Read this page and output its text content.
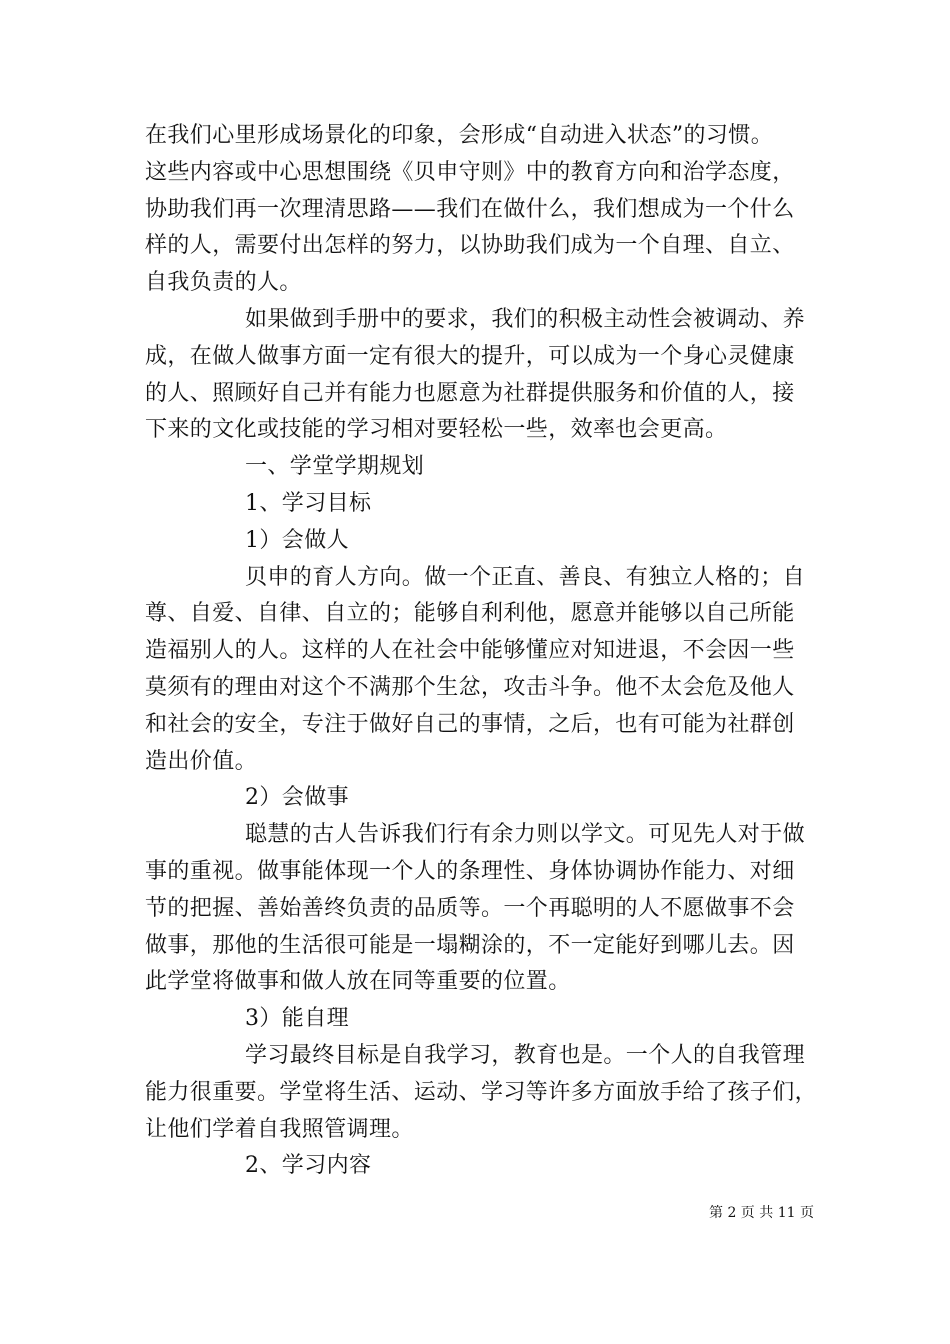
在我们心里形成场景化的印象，会形成“自动进入状态”的习惯。
这些内容或中心思想围绕《贝申守则》中的教育方向和治学态度，
协助我们再一次理清思路——我们在做什么，我们想成为一个什么
样的人，需要付出怎样的努力，以协助我们成为一个自理、自立、
自我负责的人。
如果做到手册中的要求，我们的积极主动性会被调动、养
成，在做人做事方面一定有很大的提升，可以成为一个身心灵健康
的人、照顾好自己并有能力也愿意为社群提供服务和价值的人，接
下来的文化或技能的学习相对要轻松一些，效率也会更高。
一、学堂学期规划
1、学习目标
1）会做人
贝申的育人方向。做一个正直、善良、有独立人格的；自
尊、自爱、自律、自立的；能够自利利他，愿意并能够以自己所能
造福别人的人。这样的人在社会中能够懂应对知进退，不会因一些
莫须有的理由对这个不满那个生忿，攻击斗争。他不太会危及他人
和社会的安全，专注于做好自己的事情，之后，也有可能为社群创
造出价值。
2）会做事
聪慧的古人告诉我们行有余力则以学文。可见先人对于做
事的重视。做事能体现一个人的条理性、身体协调协作能力、对细
节的把握、善始善终负责的品质等。一个再聪明的人不愿做事不会
做事，那他的生活很可能是一塌糊涂的，不一定能好到哪儿去。因
此学堂将做事和做人放在同等重要的位置。
3）能自理
学习最终目标是自我学习，教育也是。一个人的自我管理
能力很重要。学堂将生活、运动、学习等许多方面放手给了孩子们，
让他们学着自我照管调理。
2、学习内容
第 2 页 共 11 页
